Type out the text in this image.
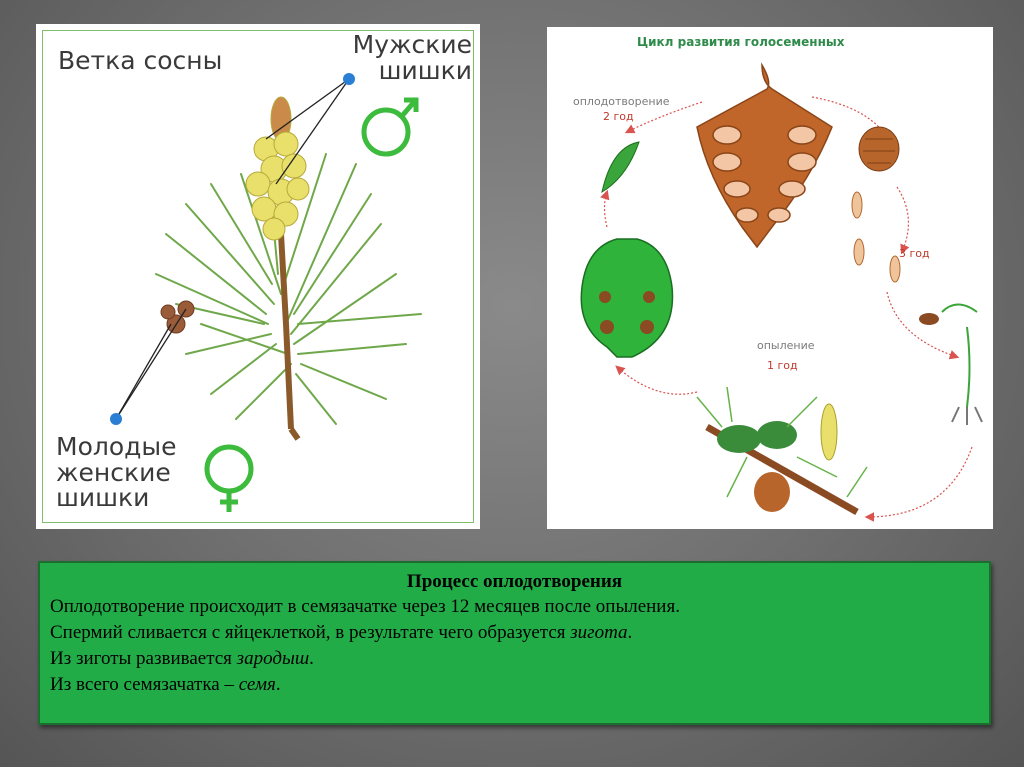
Ветка сосны
Мужские
шишки
Молодые
женские
шишки
Цикл развития голосеменных
оплодотворение
2 год
3 год
опыление
1 год
Процесс оплодотворения
Оплодотворение происходит в семязачатке через 12 месяцев после опыления.
Спермий сливается с яйцеклеткой, в результате чего образуется зигота.
Из зиготы развивается зародыш.
Из всего семязачатка – семя.
